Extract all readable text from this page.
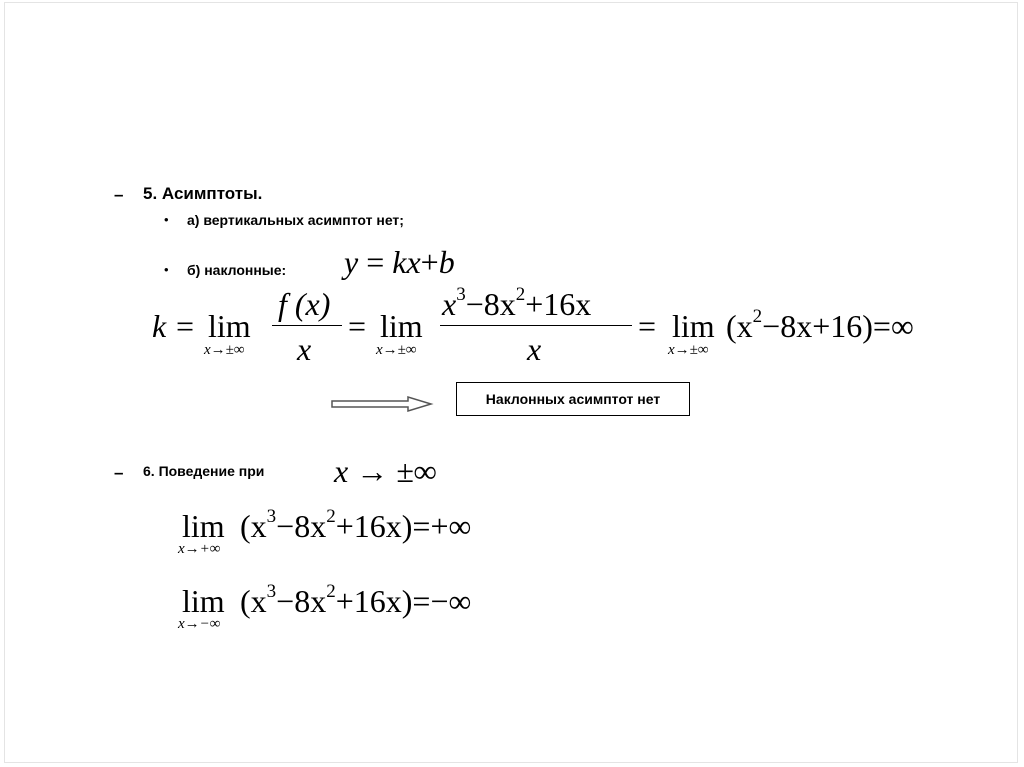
– 5. Асимптоты.
• а) вертикальных асимптот нет;
• б) наклонные: y = kx+b
k = lim
x→±∞
f (x)
x
= lim
x→±∞
$x^3-8x^2+16x$
x
= lim
x→±∞
$(x^2-8x+16)=\infty$
Наклонных асимптот нет
– 6. Поведение при x → ±∞
lim
x→+∞
$(x^3-8x^2+16x)=+\infty$
lim
x→−∞
$(x^3-8x^2+16x)=-\infty$
